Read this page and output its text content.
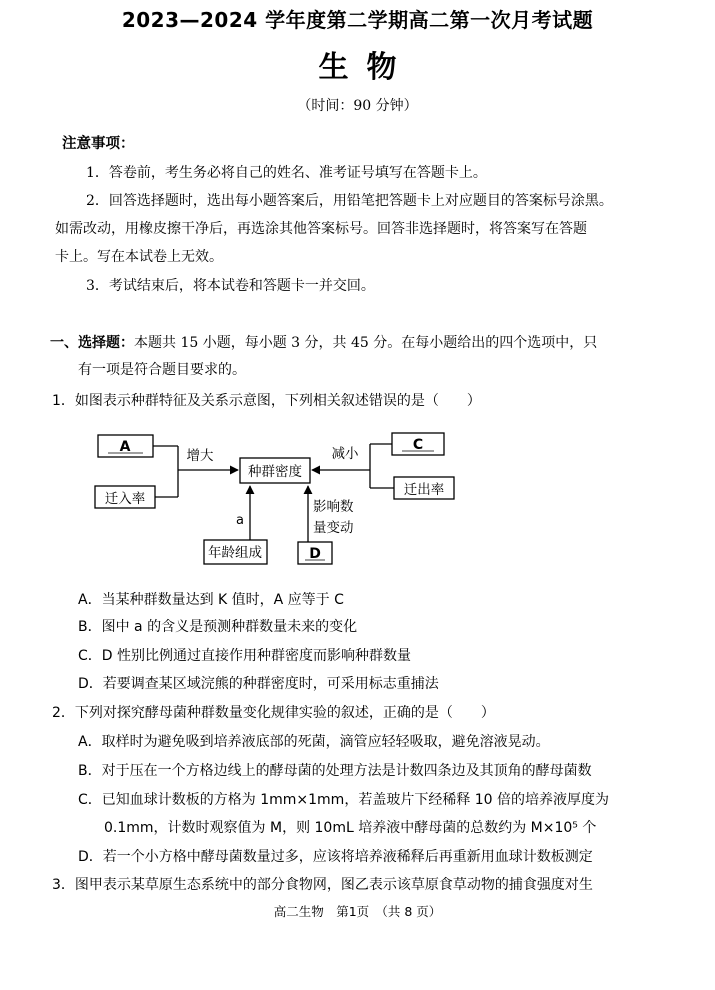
2023—2024 学年度第二学期高二第一次月考试题
生物
（时间：90 分钟）
注意事项：
1．答卷前，考生务必将自己的姓名、准考证号填写在答题卡上。
2．回答选择题时，选出每小题答案后，用铅笔把答题卡上对应题目的答案标号涂黑。
如需改动，用橡皮擦干净后，再选涂其他答案标号。回答非选择题时，将答案写在答题
卡上。写在本试卷上无效。
3．考试结束后，将本试卷和答题卡一并交回。
一、选择题：本题共 15 小题，每小题 3 分，共 45 分。在每小题给出的四个选项中，只
有一项是符合题目要求的。
1．如图表示种群特征及关系示意图，下列相关叙述错误的是（　　）
A
迁入率
增大
种群密度
C
迁出率
减小
年龄组成
a
D
影响数
量变动
A．当某种群数量达到 K 值时，A 应等于 C
B．图中 a 的含义是预测种群数量未来的变化
C．D 性别比例通过直接作用种群密度而影响种群数量
D．若要调查某区域浣熊的种群密度时，可采用标志重捕法
2．下列对探究酵母菌种群数量变化规律实验的叙述，正确的是（　　）
A．取样时为避免吸到培养液底部的死菌，滴管应轻轻吸取，避免溶液晃动。
B．对于压在一个方格边线上的酵母菌的处理方法是计数四条边及其顶角的酵母菌数
C．已知血球计数板的方格为 1mm×1mm，若盖玻片下经稀释 10 倍的培养液厚度为
0.1mm，计数时观察值为 M，则 10mL 培养液中酵母菌的总数约为 M×10⁵ 个
D．若一个小方格中酵母菌数量过多，应该将培养液稀释后再重新用血球计数板测定
3．图甲表示某草原生态系统中的部分食物网，图乙表示该草原食草动物的捕食强度对生
高二生物　第1页　（共 8 页）
